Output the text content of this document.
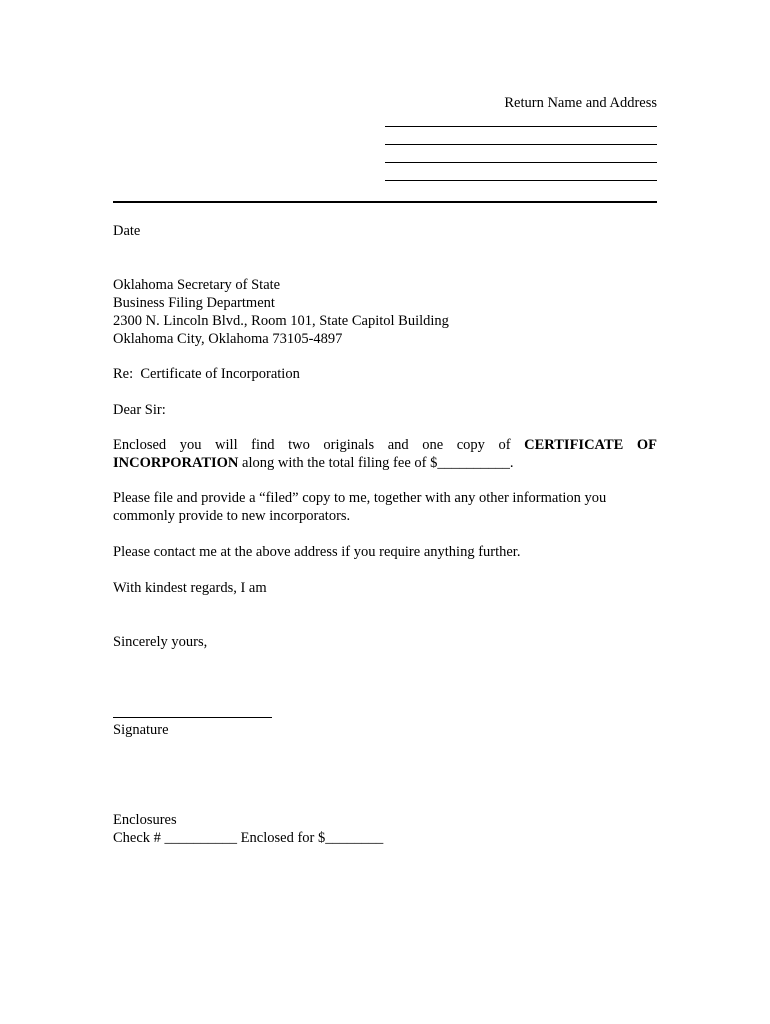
Return Name and Address
Date
Oklahoma Secretary of State
Business Filing Department
2300 N. Lincoln Blvd., Room 101, State Capitol Building
Oklahoma City, Oklahoma 73105-4897
Re:  Certificate of Incorporation
Dear Sir:
Enclosed you will find two originals and one copy of CERTIFICATE OF INCORPORATION along with the total filing fee of $__________.
Please file and provide a “filed” copy to me, together with any other information you commonly provide to new incorporators.
Please contact me at the above address if you require anything further.
With kindest regards, I am
Sincerely yours,
Signature
Enclosures
Check # __________ Enclosed for $________
